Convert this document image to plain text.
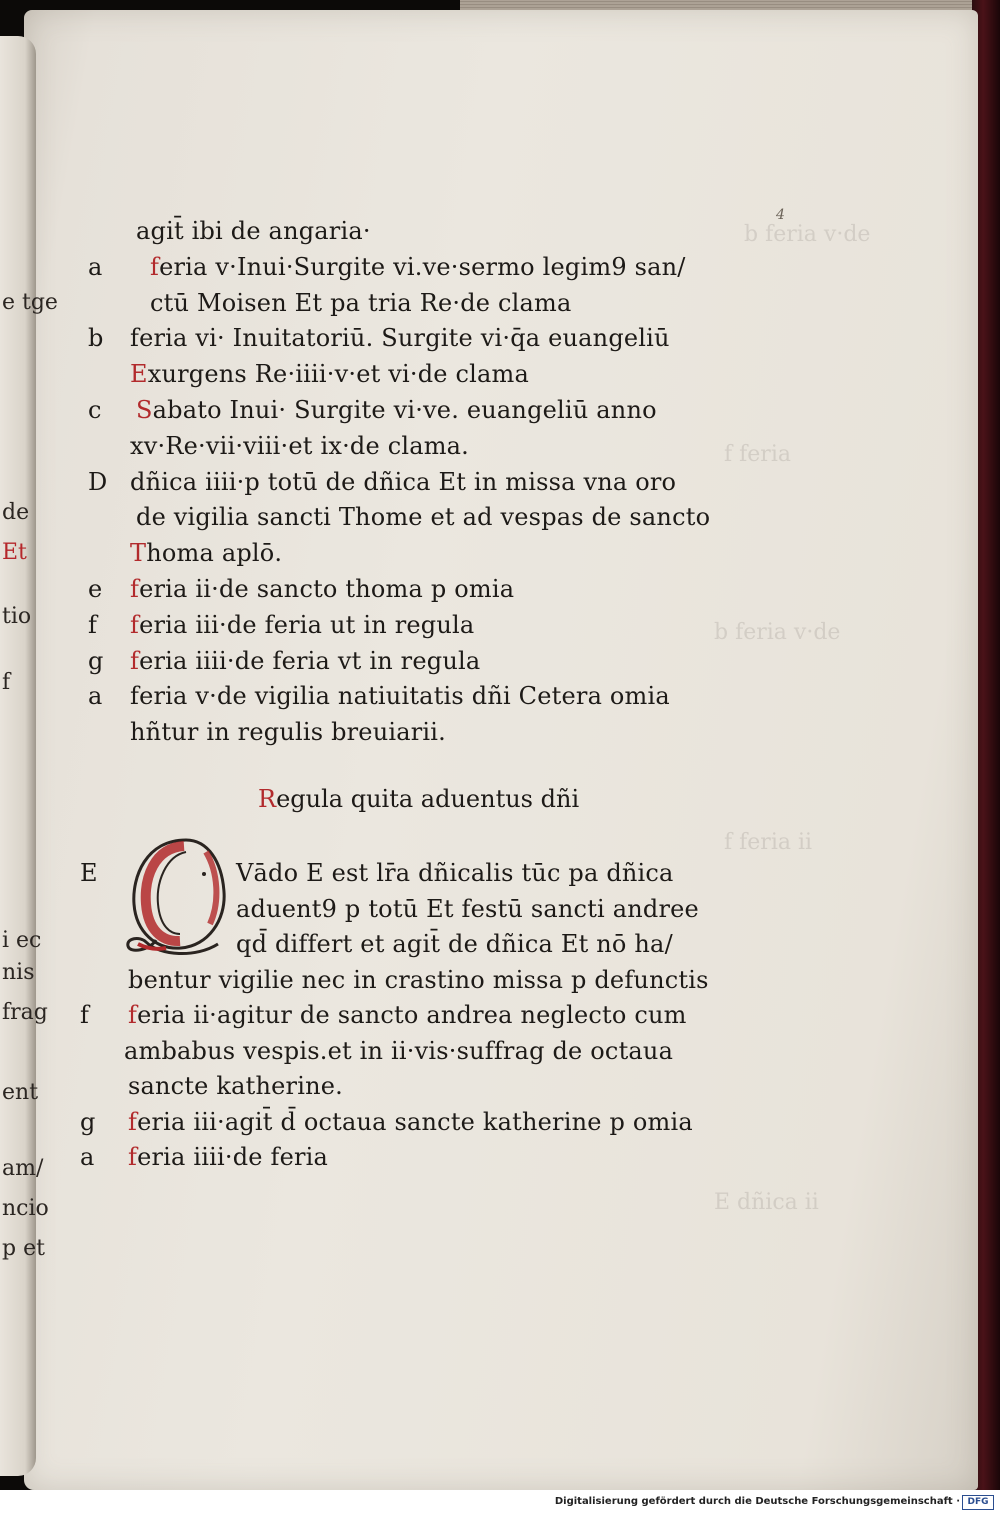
b feria v·de
f feria
b feria v·de
f feria ii
E dñica ii
4
e tge
de
Et
tio
f
i ec
nis
frag
ent
am/
ncio
p et
agit̄ ibi de angaria·
a feria v·Inui·Surgite vi.ve·sermo legim9 san/
ctū Moisen Et pa tria Re·de clama
b feria vi· Inuitatoriū. Surgite vi·q̄a euangeliū
Exurgens Re·iiii·v·et vi·de clama
c Sabato Inui· Surgite vi·ve. euangeliū anno
xv·Re·vii·viii·et ix·de clama.
D dñica iiii·p totū de dñica Et in missa vna oro
de vigilia sancti Thome et ad vespas de sancto
Thoma aplō.
e feria ii·de sancto thoma p omia
f feria iii·de feria ut in regula
g feria iiii·de feria vt in regula
a feria v·de vigilia natiuitatis dñi Cetera omia
hñtur in regulis breuiarii.
Regula quita aduentus dñi
E	Vādo E est lr̄a dñicalis tūc pa dñica
aduent9 p totū Et festū sancti andree
qd̄ differt et agit̄ de dñica Et nō ha/
bentur vigilie nec in crastino missa p defunctis
f feria ii·agitur de sancto andrea neglecto cum
ambabus vespis.et in ii·vis·suffrag de octaua
sancte katherine.
g feria iii·agit̄ d̄ octaua sancte katherine p omia
a feria iiii·de feria
Digitalisierung gefördert durch die Deutsche Forschungsgemeinschaft · DFG
